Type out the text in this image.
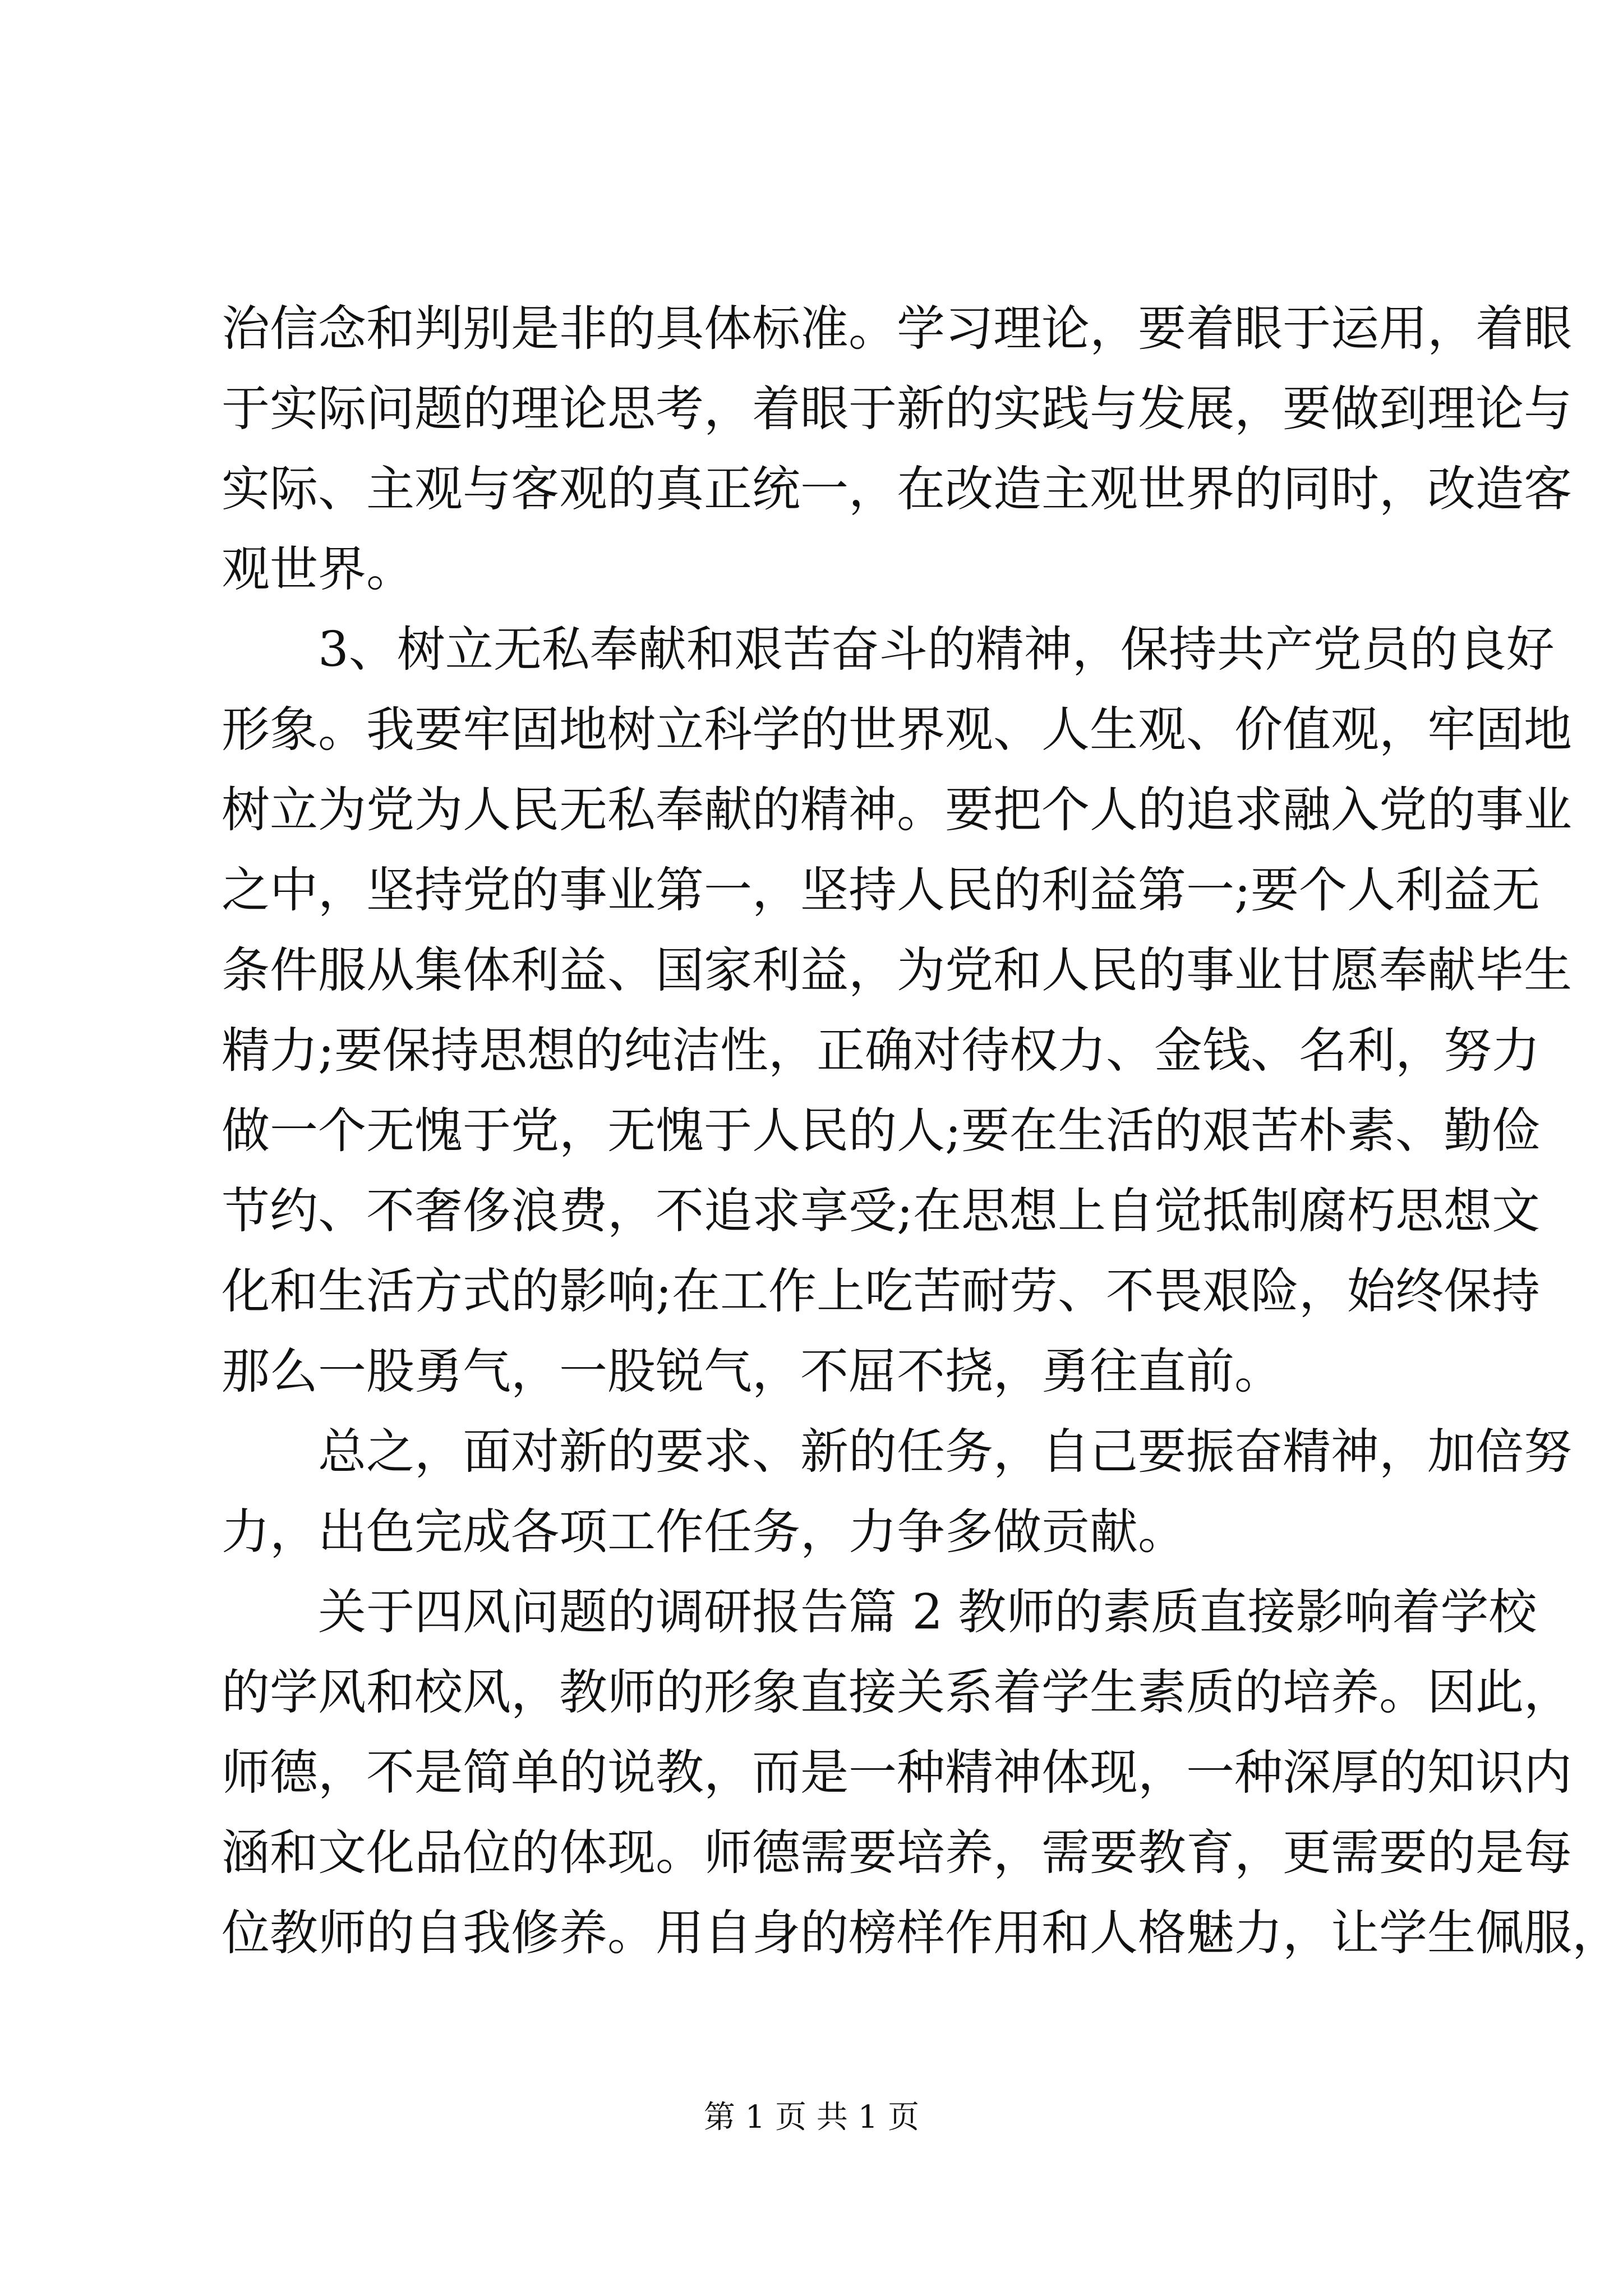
治信念和判别是非的具体标准。学习理论，要着眼于运用，着眼
于实际问题的理论思考，着眼于新的实践与发展，要做到理论与
实际、主观与客观的真正统一，在改造主观世界的同时，改造客
观世界。
3、树立无私奉献和艰苦奋斗的精神，保持共产党员的良好
形象。我要牢固地树立科学的世界观、人生观、价值观，牢固地
树立为党为人民无私奉献的精神。要把个人的追求融入党的事业
之中，坚持党的事业第一，坚持人民的利益第一;要个人利益无
条件服从集体利益、国家利益，为党和人民的事业甘愿奉献毕生
精力;要保持思想的纯洁性，正确对待权力、金钱、名利，努力
做一个无愧于党，无愧于人民的人;要在生活的艰苦朴素、勤俭
节约、不奢侈浪费，不追求享受;在思想上自觉抵制腐朽思想文
化和生活方式的影响;在工作上吃苦耐劳、不畏艰险，始终保持
那么一股勇气，一股锐气，不屈不挠，勇往直前。
总之，面对新的要求、新的任务，自己要振奋精神，加倍努
力，出色完成各项工作任务，力争多做贡献。
关于四风问题的调研报告篇 2 教师的素质直接影响着学校
的学风和校风，教师的形象直接关系着学生素质的培养。因此，
师德，不是简单的说教，而是一种精神体现，一种深厚的知识内
涵和文化品位的体现。师德需要培养，需要教育，更需要的是每
位教师的自我修养。用自身的榜样作用和人格魅力，让学生佩服，
第 1 页 共 1 页
